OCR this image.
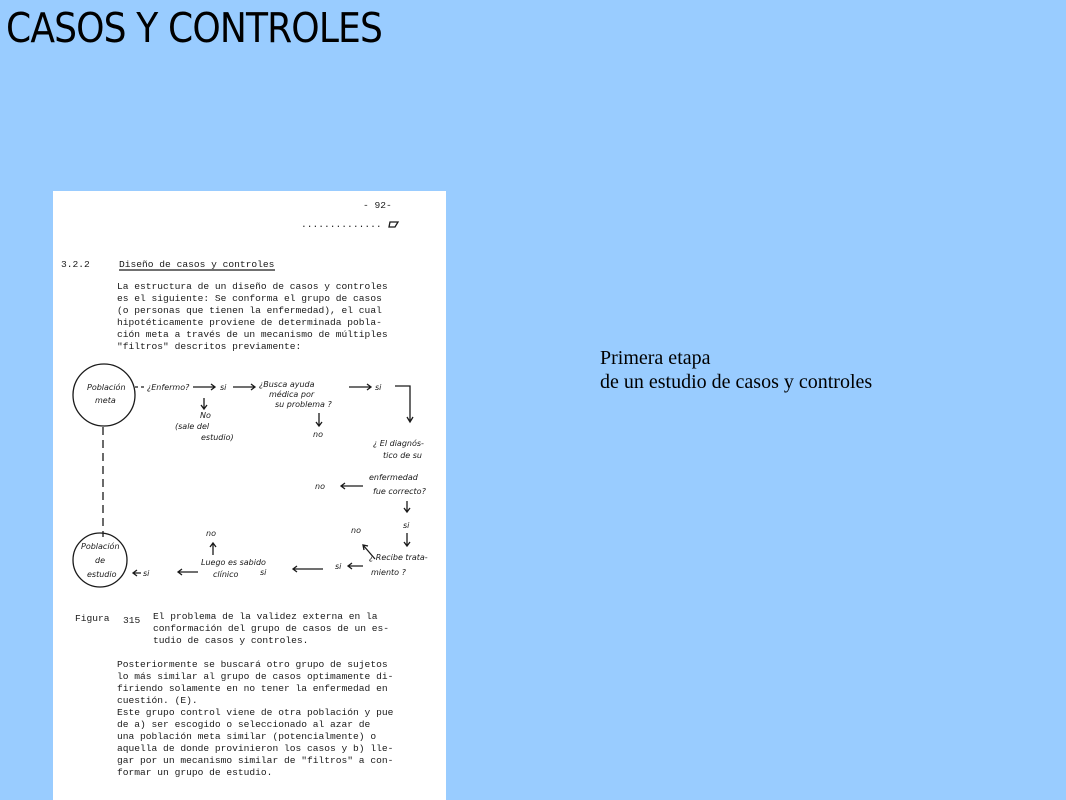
CASOS Y CONTROLES
- 92-
..............
3.2.2	Diseño de casos y controles
La estructura de un diseño de casos y controles
es el siguiente: Se conforma el grupo de casos
(o personas que tienen la enfermedad), el cual
hipotéticamente proviene de determinada pobla-
ción meta a través de un mecanismo de múltiples
"filtros" descritos previamente:
Población
meta
¿Enfermo?	si	¿Busca ayuda
médica por
su problema ?
si
No
(sale del
estudio)	no
¿ El diagnós-
tico de su
enfermedad
fue correcto?
no
si
no
¿ Recibe trata-
miento ?
si
no
Luego es sabido
clínico	si
si
Población
de
estudio
Figura 315 El problema de la validez externa en la
conformación del grupo de casos de un es-
tudio de casos y controles.
Posteriormente se buscará otro grupo de sujetos
lo más similar al grupo de casos optimamente di-
firiendo solamente en no tener la enfermedad en
cuestión. (E).
Este grupo control viene de otra población y pue
de a) ser escogido o seleccionado al azar de
una población meta similar (potencialmente) o
aquella de donde provinieron los casos y b) lle-
gar por un mecanismo similar de "filtros" a con-
formar un grupo de estudio.
Primera etapa
de un estudio de casos y controles
